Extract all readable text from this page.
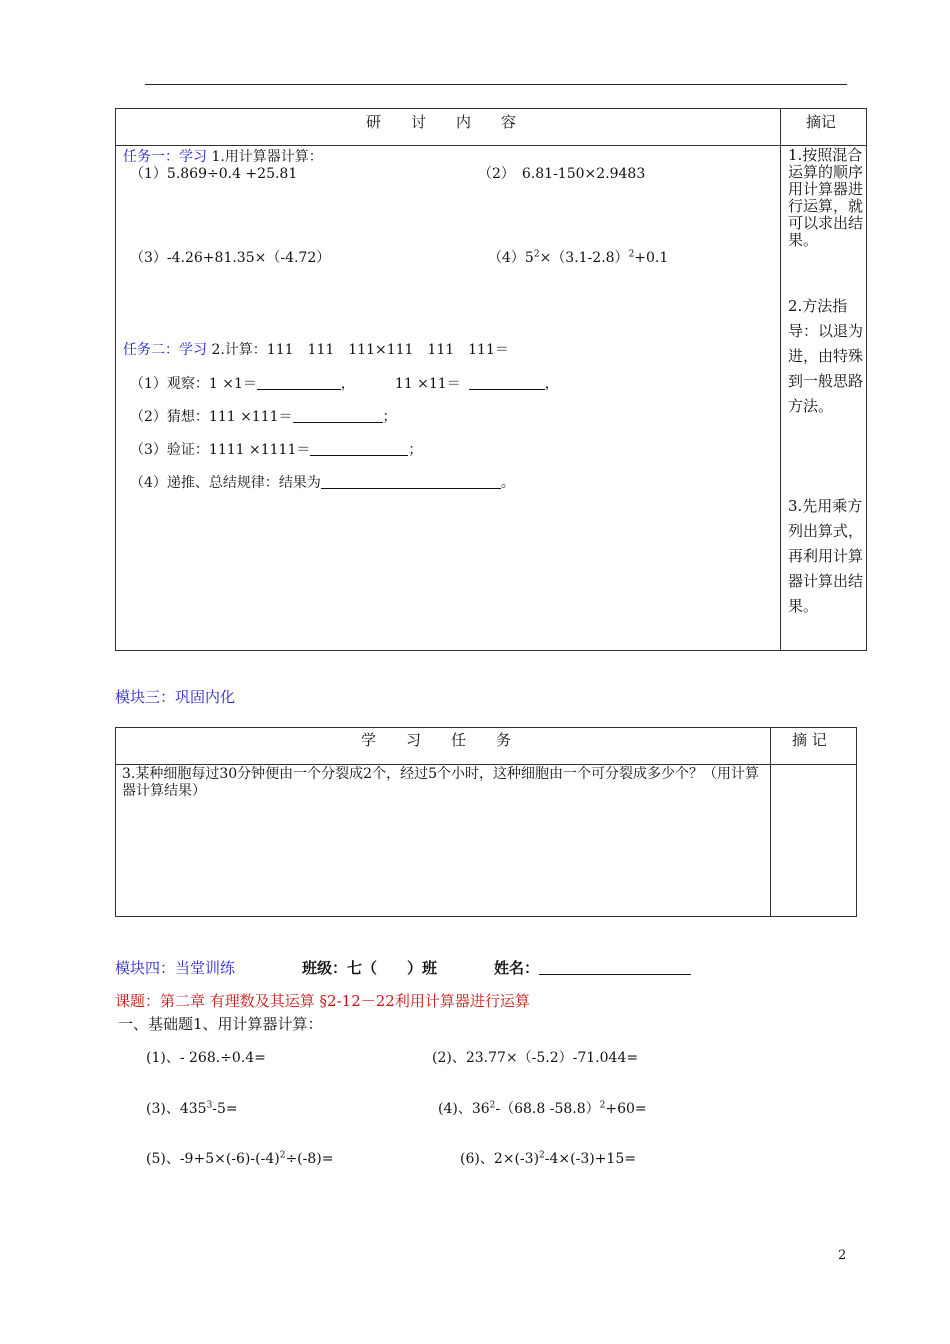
研　　讨　　内　　容	摘记
任务一：学习 1.用计算器计算：
（1）5.869÷0.4 +25.81	（2）　6.81-150×2.9483
（3）-4.26+81.35×（-4.72）	$(4)5^2\times(3.1-2.8)^2+0.1$
任务二：学习 2.计算：111　111　111×111　111　111＝
（1）观察：1 ×1＝	，	11 ×11＝	，
（2）猜想：111 ×111＝	；
（3）验证：1111 ×1111＝	；
（4）递推、总结规律：结果为	。
1.按照混合运算的顺序用计算器进行运算，就可以求出结果。
2.方法指导：以退为进，由特殊到一般思路方法。
3.先用乘方列出算式，再利用计算器计算出结果。
模块三：巩固内化
学　　习　　任　　务	摘 记
3.某种细胞每过30分钟便由一个分裂成2个，经过5个小时，这种细胞由一个可分裂成多少个？（用计算器计算结果）
模块四：当堂训练	班级：七（　　）班	姓名：
课题：第二章 有理数及其运算 §2-12－22利用计算器进行运算
一、基础题1、用计算器计算：
(1)、- 268.÷0.4=	(2)、23.77×（-5.2）-71.044=
(3)、$435^3-5=$	(4)、$36^2-(68.8$ -58.8）$^2$+60=
(5)、$-9+5\times(-6)-(-4)^2\div(-8)=$	(6)、$2\times(-3)^2-4\times(-3)+15=$
2
